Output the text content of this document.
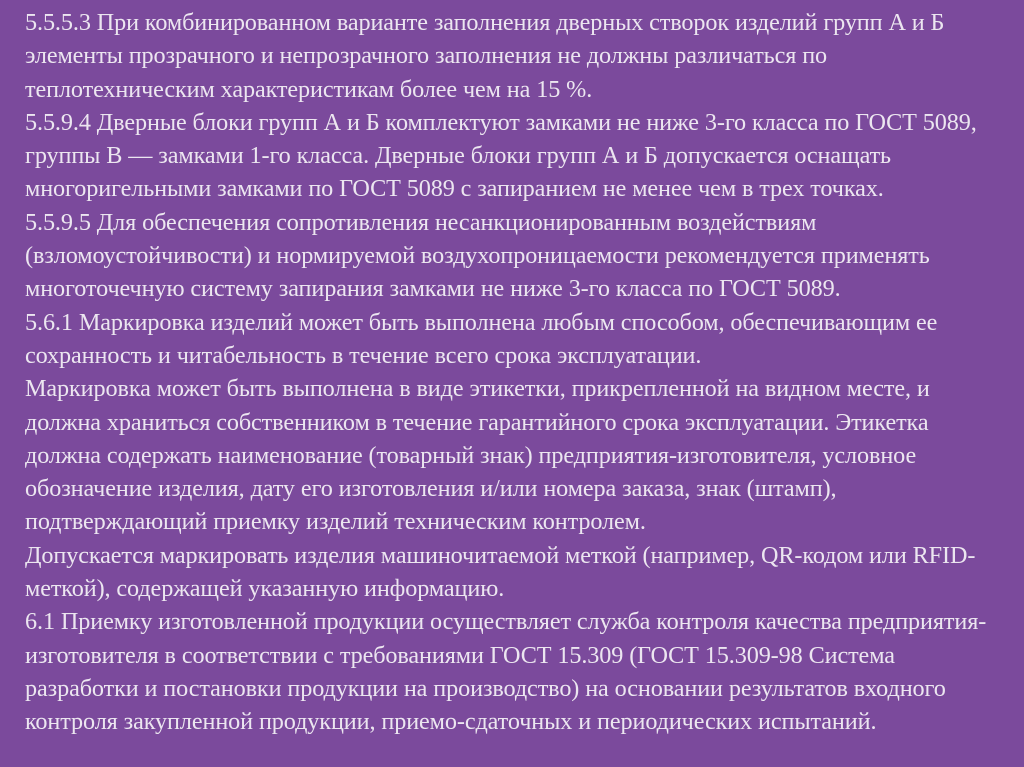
5.5.5.3 При комбинированном варианте заполнения дверных створок изделий групп А и Б элементы прозрачного и непрозрачного заполнения не должны различаться по теплотехническим характеристикам более чем на 15 %.

5.5.9.4 Дверные блоки групп А и Б комплектуют замками не ниже 3-го класса по ГОСТ 5089, группы В — замками 1-го класса. Дверные блоки групп А и Б допускается оснащать многоригельными замками по ГОСТ 5089 с запиранием не менее чем в трех точках.

5.5.9.5 Для обеспечения сопротивления несанкционированным воздействиям (взломоустойчивости) и нормируемой воздухопроницаемости рекомендуется применять многоточечную систему запирания замками не ниже 3-го класса по ГОСТ 5089.

5.6.1 Маркировка изделий может быть выполнена любым способом, обеспечивающим ее сохранность и читабельность в течение всего срока эксплуатации.

Маркировка может быть выполнена в виде этикетки, прикрепленной на видном месте, и должна храниться собственником в течение гарантийного срока эксплуатации. Этикетка должна содержать наименование (товарный знак) предприятия-изготовителя, условное обозначение изделия, дату его изготовления и/или номера заказа, знак (штамп), подтверждающий приемку изделий техническим контролем.

Допускается маркировать изделия машиночитаемой меткой (например, QR-кодом или RFID-меткой), содержащей указанную информацию.

6.1 Приемку изготовленной продукции осуществляет служба контроля качества предприятия-изготовителя в соответствии с требованиями ГОСТ 15.309 (ГОСТ 15.309-98 Система разработки и постановки продукции на производство) на основании результатов входного контроля закупленной продукции, приемо-сдаточных и периодических испытаний.
